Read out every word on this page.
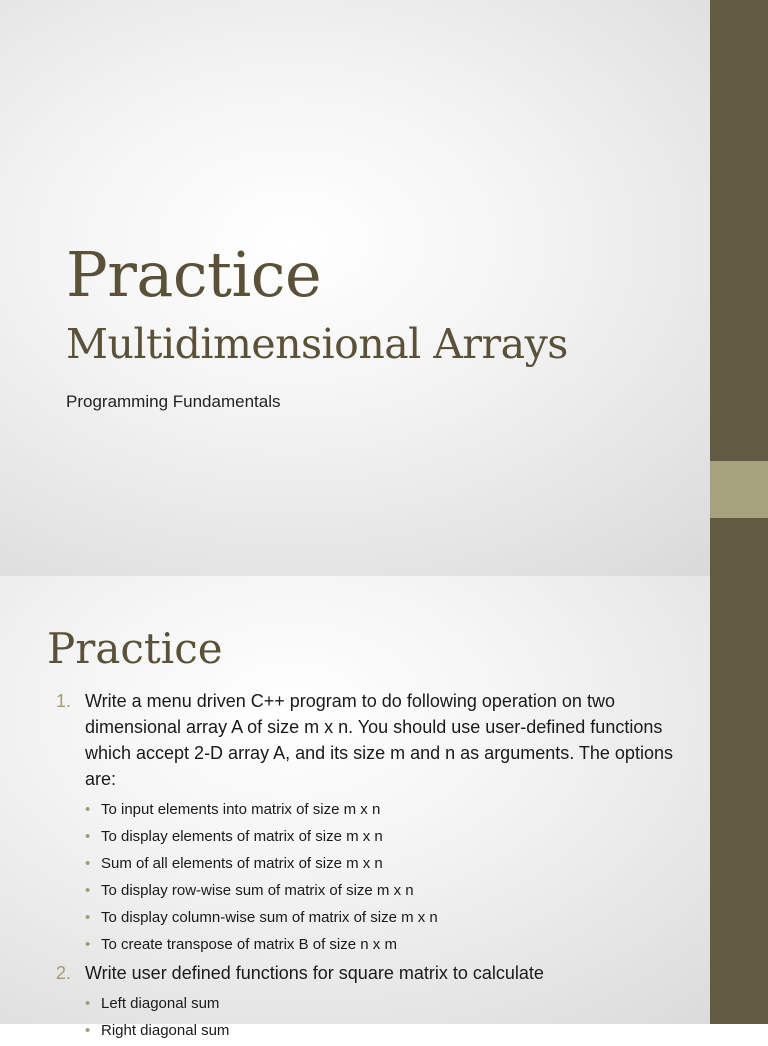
Practice
Multidimensional Arrays

Programming Fundamentals

Practice
1. Write a menu driven C++ program to do following operation on two dimensional array A of size m x n. You should use user-defined functions which accept 2-D array A, and its size m and n as arguments. The options are:
• To input elements into matrix of size m x n
• To display elements of matrix of size m x n
• Sum of all elements of matrix of size m x n
• To display row-wise sum of matrix of size m x n
• To display column-wise sum of matrix of size m x n
• To create transpose of matrix B of size n x m
2. Write user defined functions for square matrix to calculate
• Left diagonal sum
• Right diagonal sum
